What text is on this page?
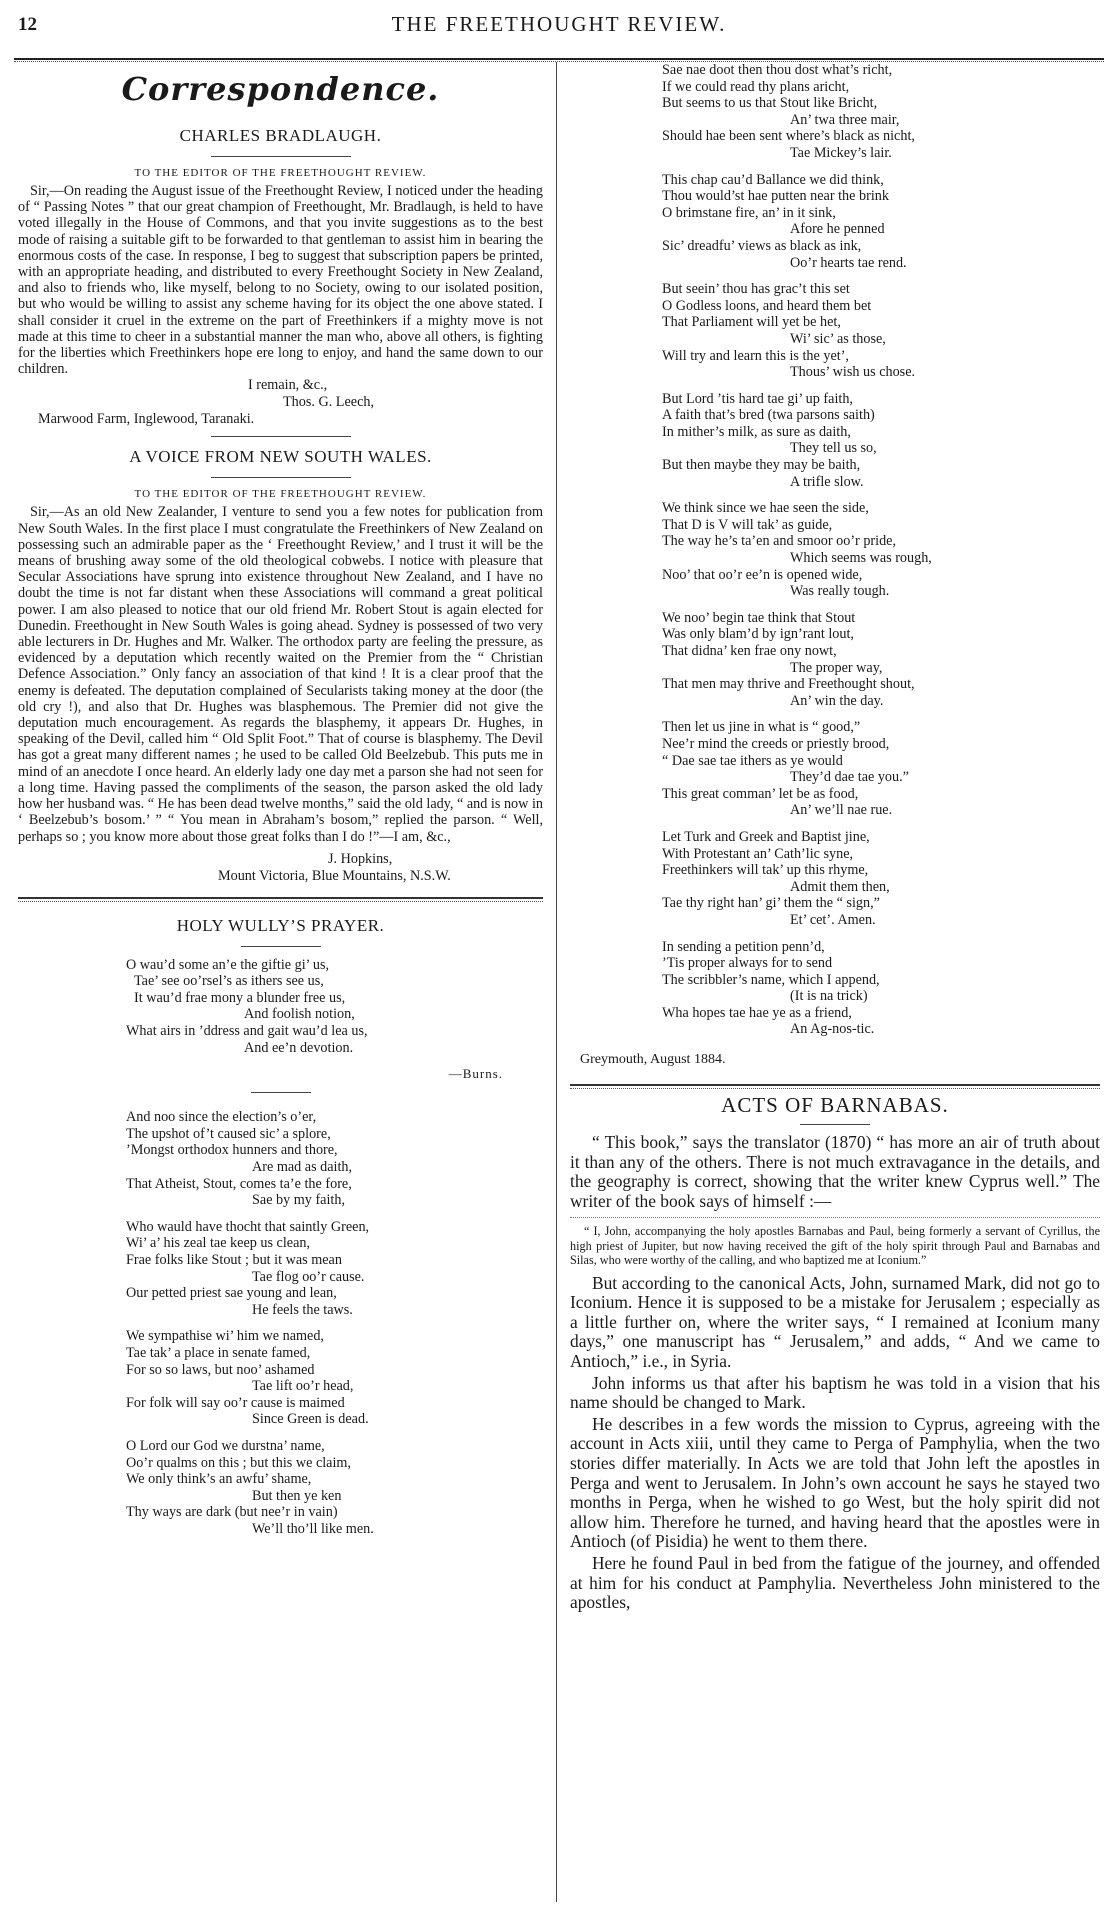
12	THE FREETHOUGHT REVIEW.
Correspondence.
CHARLES BRADLAUGH.
TO THE EDITOR OF THE FREETHOUGHT REVIEW.

Sir,—On reading the August issue of the Freethought Review, I noticed under the heading of “ Passing Notes ” that our great champion of Freethought, Mr. Bradlaugh, is held to have voted illegally in the House of Commons, and that you invite suggestions as to the best mode of raising a suitable gift to be forwarded to that gentleman to assist him in bearing the enormous costs of the case. In response, I beg to suggest that subscription papers be printed, with an appropriate heading, and distributed to every Freethought Society in New Zealand, and also to friends who, like myself, belong to no Society, owing to our isolated position, but who would be willing to assist any scheme having for its object the one above stated. I shall consider it cruel in the extreme on the part of Freethinkers if a mighty move is not made at this time to cheer in a substantial manner the man who, above all others, is fighting for the liberties which Freethinkers hope ere long to enjoy, and hand the same down to our children.

I remain, &c.,

Thos. G. Leech,

Marwood Farm, Inglewood, Taranaki.

A VOICE FROM NEW SOUTH WALES.
TO THE EDITOR OF THE FREETHOUGHT REVIEW.

Sir,—As an old New Zealander, I venture to send you a few notes for publication from New South Wales. In the first place I must congratulate the Freethinkers of New Zealand on possessing such an admirable paper as the ‘ Freethought Review,’ and I trust it will be the means of brushing away some of the old theological cobwebs. I notice with pleasure that Secular Associations have sprung into existence throughout New Zealand, and I have no doubt the time is not far distant when these Associations will command a great political power. I am also pleased to notice that our old friend Mr. Robert Stout is again elected for Dunedin. Freethought in New South Wales is going ahead. Sydney is possessed of two very able lecturers in Dr. Hughes and Mr. Walker. The orthodox party are feeling the pressure, as evidenced by a deputation which recently waited on the Premier from the “ Christian Defence Association.” Only fancy an association of that kind ! It is a clear proof that the enemy is defeated. The deputation complained of Secularists taking money at the door (the old cry !), and also that Dr. Hughes was blasphemous. The Premier did not give the deputation much encouragement. As regards the blasphemy, it appears Dr. Hughes, in speaking of the Devil, called him “ Old Split Foot.” That of course is blasphemy. The Devil has got a great many different names ; he used to be called Old Beelzebub. This puts me in mind of an anecdote I once heard. An elderly lady one day met a parson she had not seen for a long time. Having passed the compliments of the season, the parson asked the old lady how her husband was. “ He has been dead twelve months,” said the old lady, “ and is now in ‘ Beelzebub’s bosom.’ ” “ You mean in Abraham’s bosom,” replied the parson. “ Well, perhaps so ; you know more about those great folks than I do !”—I am, &c.,

J. Hopkins,

Mount Victoria, Blue Mountains, N.S.W.

HOLY WULLY’S PRAYER.

O wau’d some an’e the giftie gi’ us,

Tae’ see oo’rsel’s as ithers see us,

It wau’d frae mony a blunder free us,

And foolish notion,

What airs in ’ddress and gait wau’d lea us,

And ee’n devotion.

—Burns.

And noo since the election’s o’er,

The upshot of’t caused sic’ a splore,

’Mongst orthodox hunners and thore,

Are mad as daith,

That Atheist, Stout, comes ta’e the fore,

Sae by my faith,

Who wauld have thocht that saintly Green,

Wi’ a’ his zeal tae keep us clean,

Frae folks like Stout ; but it was mean

Tae flog oo’r cause.

Our petted priest sae young and lean,

He feels the taws.

We sympathise wi’ him we named,

Tae tak’ a place in senate famed,

For so so laws, but noo’ ashamed

Tae lift oo’r head,

For folk will say oo’r cause is maimed

Since Green is dead.

O Lord our God we durstna’ name,

Oo’r qualms on this ; but this we claim,

We only think’s an awfu’ shame,

But then ye ken

Thy ways are dark (but nee’r in vain)

We’ll tho’ll like men.

Sae nae doot then thou dost what’s richt,

If we could read thy plans aricht,

But seems to us that Stout like Bricht,

An’ twa three mair,

Should hae been sent where’s black as nicht,

Tae Mickey’s lair.

This chap cau’d Ballance we did think,

Thou would’st hae putten near the brink

O brimstane fire, an’ in it sink,

Afore he penned

Sic’ dreadfu’ views as black as ink,

Oo’r hearts tae rend.

But seein’ thou has grac’t this set

O Godless loons, and heard them bet

That Parliament will yet be het,

Wi’ sic’ as those,

Will try and learn this is the yet’,

Thous’ wish us chose.

But Lord ’tis hard tae gi’ up faith,

A faith that’s bred (twa parsons saith)

In mither’s milk, as sure as daith,

They tell us so,

But then maybe they may be baith,

A trifle slow.

We think since we hae seen the side,

That D is V will tak’ as guide,

The way he’s ta’en and smoor oo’r pride,

Which seems was rough,

Noo’ that oo’r ee’n is opened wide,

Was really tough.

We noo’ begin tae think that Stout

Was only blam’d by ign’rant lout,

That didna’ ken frae ony nowt,

The proper way,

That men may thrive and Freethought shout,

An’ win the day.

Then let us jine in what is “ good,”

Nee’r mind the creeds or priestly brood,

“ Dae sae tae ithers as ye would

They’d dae tae you.”

This great comman’ let be as food,

An’ we’ll nae rue.

Let Turk and Greek and Baptist jine,

With Protestant an’ Cath’lic syne,

Freethinkers will tak’ up this rhyme,

Admit them then,

Tae thy right han’ gi’ them the “ sign,”

Et’ cet’. Amen.

In sending a petition penn’d,

’Tis proper always for to send

The scribbler’s name, which I append,

(It is na trick)

Wha hopes tae hae ye as a friend,

An Ag-nos-tic.

Greymouth, August 1884.
ACTS OF BARNABAS.

“ This book,” says the translator (1870) “ has more an air of truth about it than any of the others. There is not much extravagance in the details, and the geography is correct, showing that the writer knew Cyprus well.” The writer of the book says of himself :—

“ I, John, accompanying the holy apostles Barnabas and Paul, being formerly a servant of Cyrillus, the high priest of Jupiter, but now having received the gift of the holy spirit through Paul and Barnabas and Silas, who were worthy of the calling, and who baptized me at Iconium.”

But according to the canonical Acts, John, surnamed Mark, did not go to Iconium. Hence it is supposed to be a mistake for Jerusalem ; especially as a little further on, where the writer says, “ I remained at Iconium many days,” one manuscript has “ Jerusalem,” and adds, “ And we came to Antioch,” i.e., in Syria.

John informs us that after his baptism he was told in a vision that his name should be changed to Mark.

He describes in a few words the mission to Cyprus, agreeing with the account in Acts xiii, until they came to Perga of Pamphylia, when the two stories differ materially. In Acts we are told that John left the apostles in Perga and went to Jerusalem. In John’s own account he says he stayed two months in Perga, when he wished to go West, but the holy spirit did not allow him. Therefore he turned, and having heard that the apostles were in Antioch (of Pisidia) he went to them there.

Here he found Paul in bed from the fatigue of the journey, and offended at him for his conduct at Pamphylia. Nevertheless John ministered to the apostles,
